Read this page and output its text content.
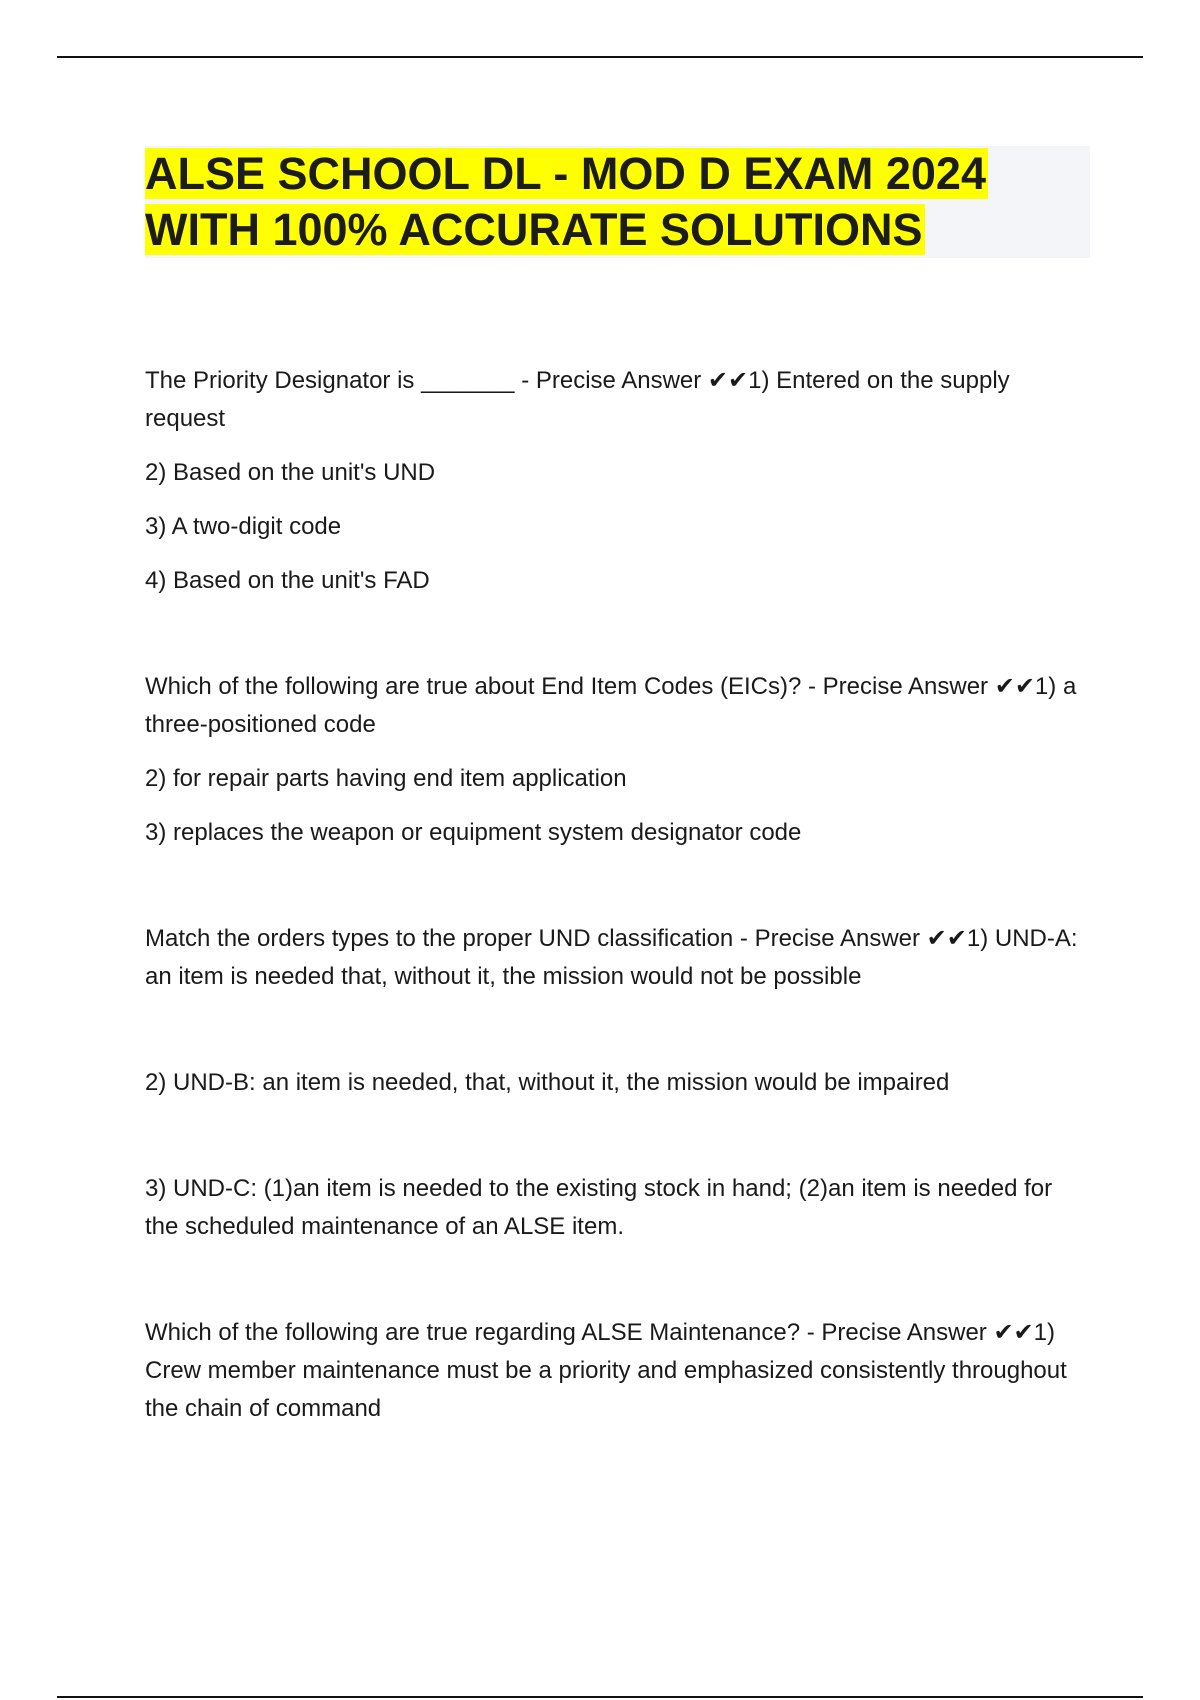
ALSE SCHOOL DL - MOD D EXAM 2024
WITH 100% ACCURATE SOLUTIONS

The Priority Designator is _______ - Precise Answer ✔✔1) Entered on the supply request

2) Based on the unit's UND

3) A two-digit code

4) Based on the unit's FAD

Which of the following are true about End Item Codes (EICs)? - Precise Answer ✔✔1) a three-positioned code

2) for repair parts having end item application

3) replaces the weapon or equipment system designator code

Match the orders types to the proper UND classification - Precise Answer ✔✔1) UND-A: an item is needed that, without it, the mission would not be possible

2) UND-B: an item is needed, that, without it, the mission would be impaired

3) UND-C: (1)an item is needed to the existing stock in hand; (2)an item is needed for the scheduled maintenance of an ALSE item.

Which of the following are true regarding ALSE Maintenance? - Precise Answer ✔✔1) Crew member maintenance must be a priority and emphasized consistently throughout the chain of command
